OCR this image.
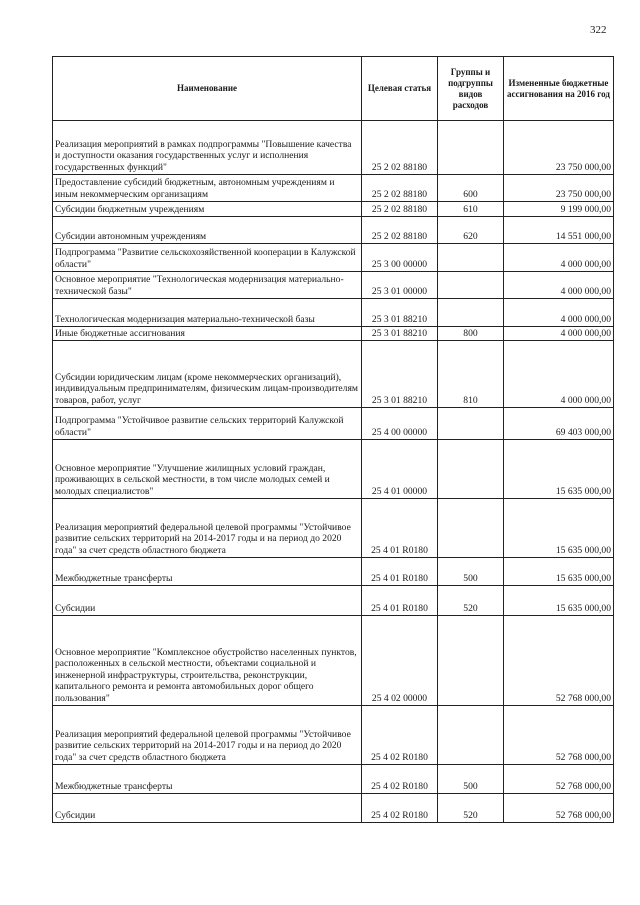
322
Наименование	Целевая статья	Группы и подгруппы видов расходов	Измененные бюджетные ассигнования на 2016 год
Реализация мероприятий в рамках подпрограммы "Повышение качества и доступности оказания государственных услуг и исполнения государственных функций"	25 2 02 88180		23 750 000,00
Предоставление субсидий бюджетным, автономным учреждениям и иным некоммерческим организациям	25 2 02 88180	600	23 750 000,00
Субсидии бюджетным учреждениям	25 2 02 88180	610	9 199 000,00
Субсидии автономным учреждениям	25 2 02 88180	620	14 551 000,00
Подпрограмма "Развитие сельскохозяйственной кооперации в Калужской области"	25 3 00 00000		4 000 000,00
Основное мероприятие "Технологическая модернизация материально-технической базы"	25 3 01 00000		4 000 000,00
Технологическая модернизация материально-технической базы	25 3 01 88210		4 000 000,00
Иные бюджетные ассигнования	25 3 01 88210	800	4 000 000,00
Субсидии юридическим лицам (кроме некоммерческих организаций), индивидуальным предпринимателям, физическим лицам-производителям товаров, работ, услуг	25 3 01 88210	810	4 000 000,00
Подпрограмма "Устойчивое развитие сельских территорий Калужской области"	25 4 00 00000		69 403 000,00
Основное мероприятие "Улучшение жилищных условий граждан, проживающих в сельской местности, в том числе молодых семей и молодых специалистов"	25 4 01 00000		15 635 000,00
Реализация мероприятий федеральной целевой программы "Устойчивое развитие сельских территорий на 2014-2017 годы и на период до 2020 года" за счет средств областного бюджета	25 4 01 R0180		15 635 000,00
Межбюджетные трансферты	25 4 01 R0180	500	15 635 000,00
Субсидии	25 4 01 R0180	520	15 635 000,00
Основное мероприятие "Комплексное обустройство населенных пунктов, расположенных в сельской местности, объектами социальной и инженерной инфраструктуры, строительства, реконструкции, капитального ремонта и ремонта автомобильных дорог общего пользования"	25 4 02 00000		52 768 000,00
Реализация мероприятий федеральной целевой программы "Устойчивое развитие сельских территорий на 2014-2017 годы и на период до 2020 года" за счет средств областного бюджета	25 4 02 R0180		52 768 000,00
Межбюджетные трансферты	25 4 02 R0180	500	52 768 000,00
Субсидии	25 4 02 R0180	520	52 768 000,00
